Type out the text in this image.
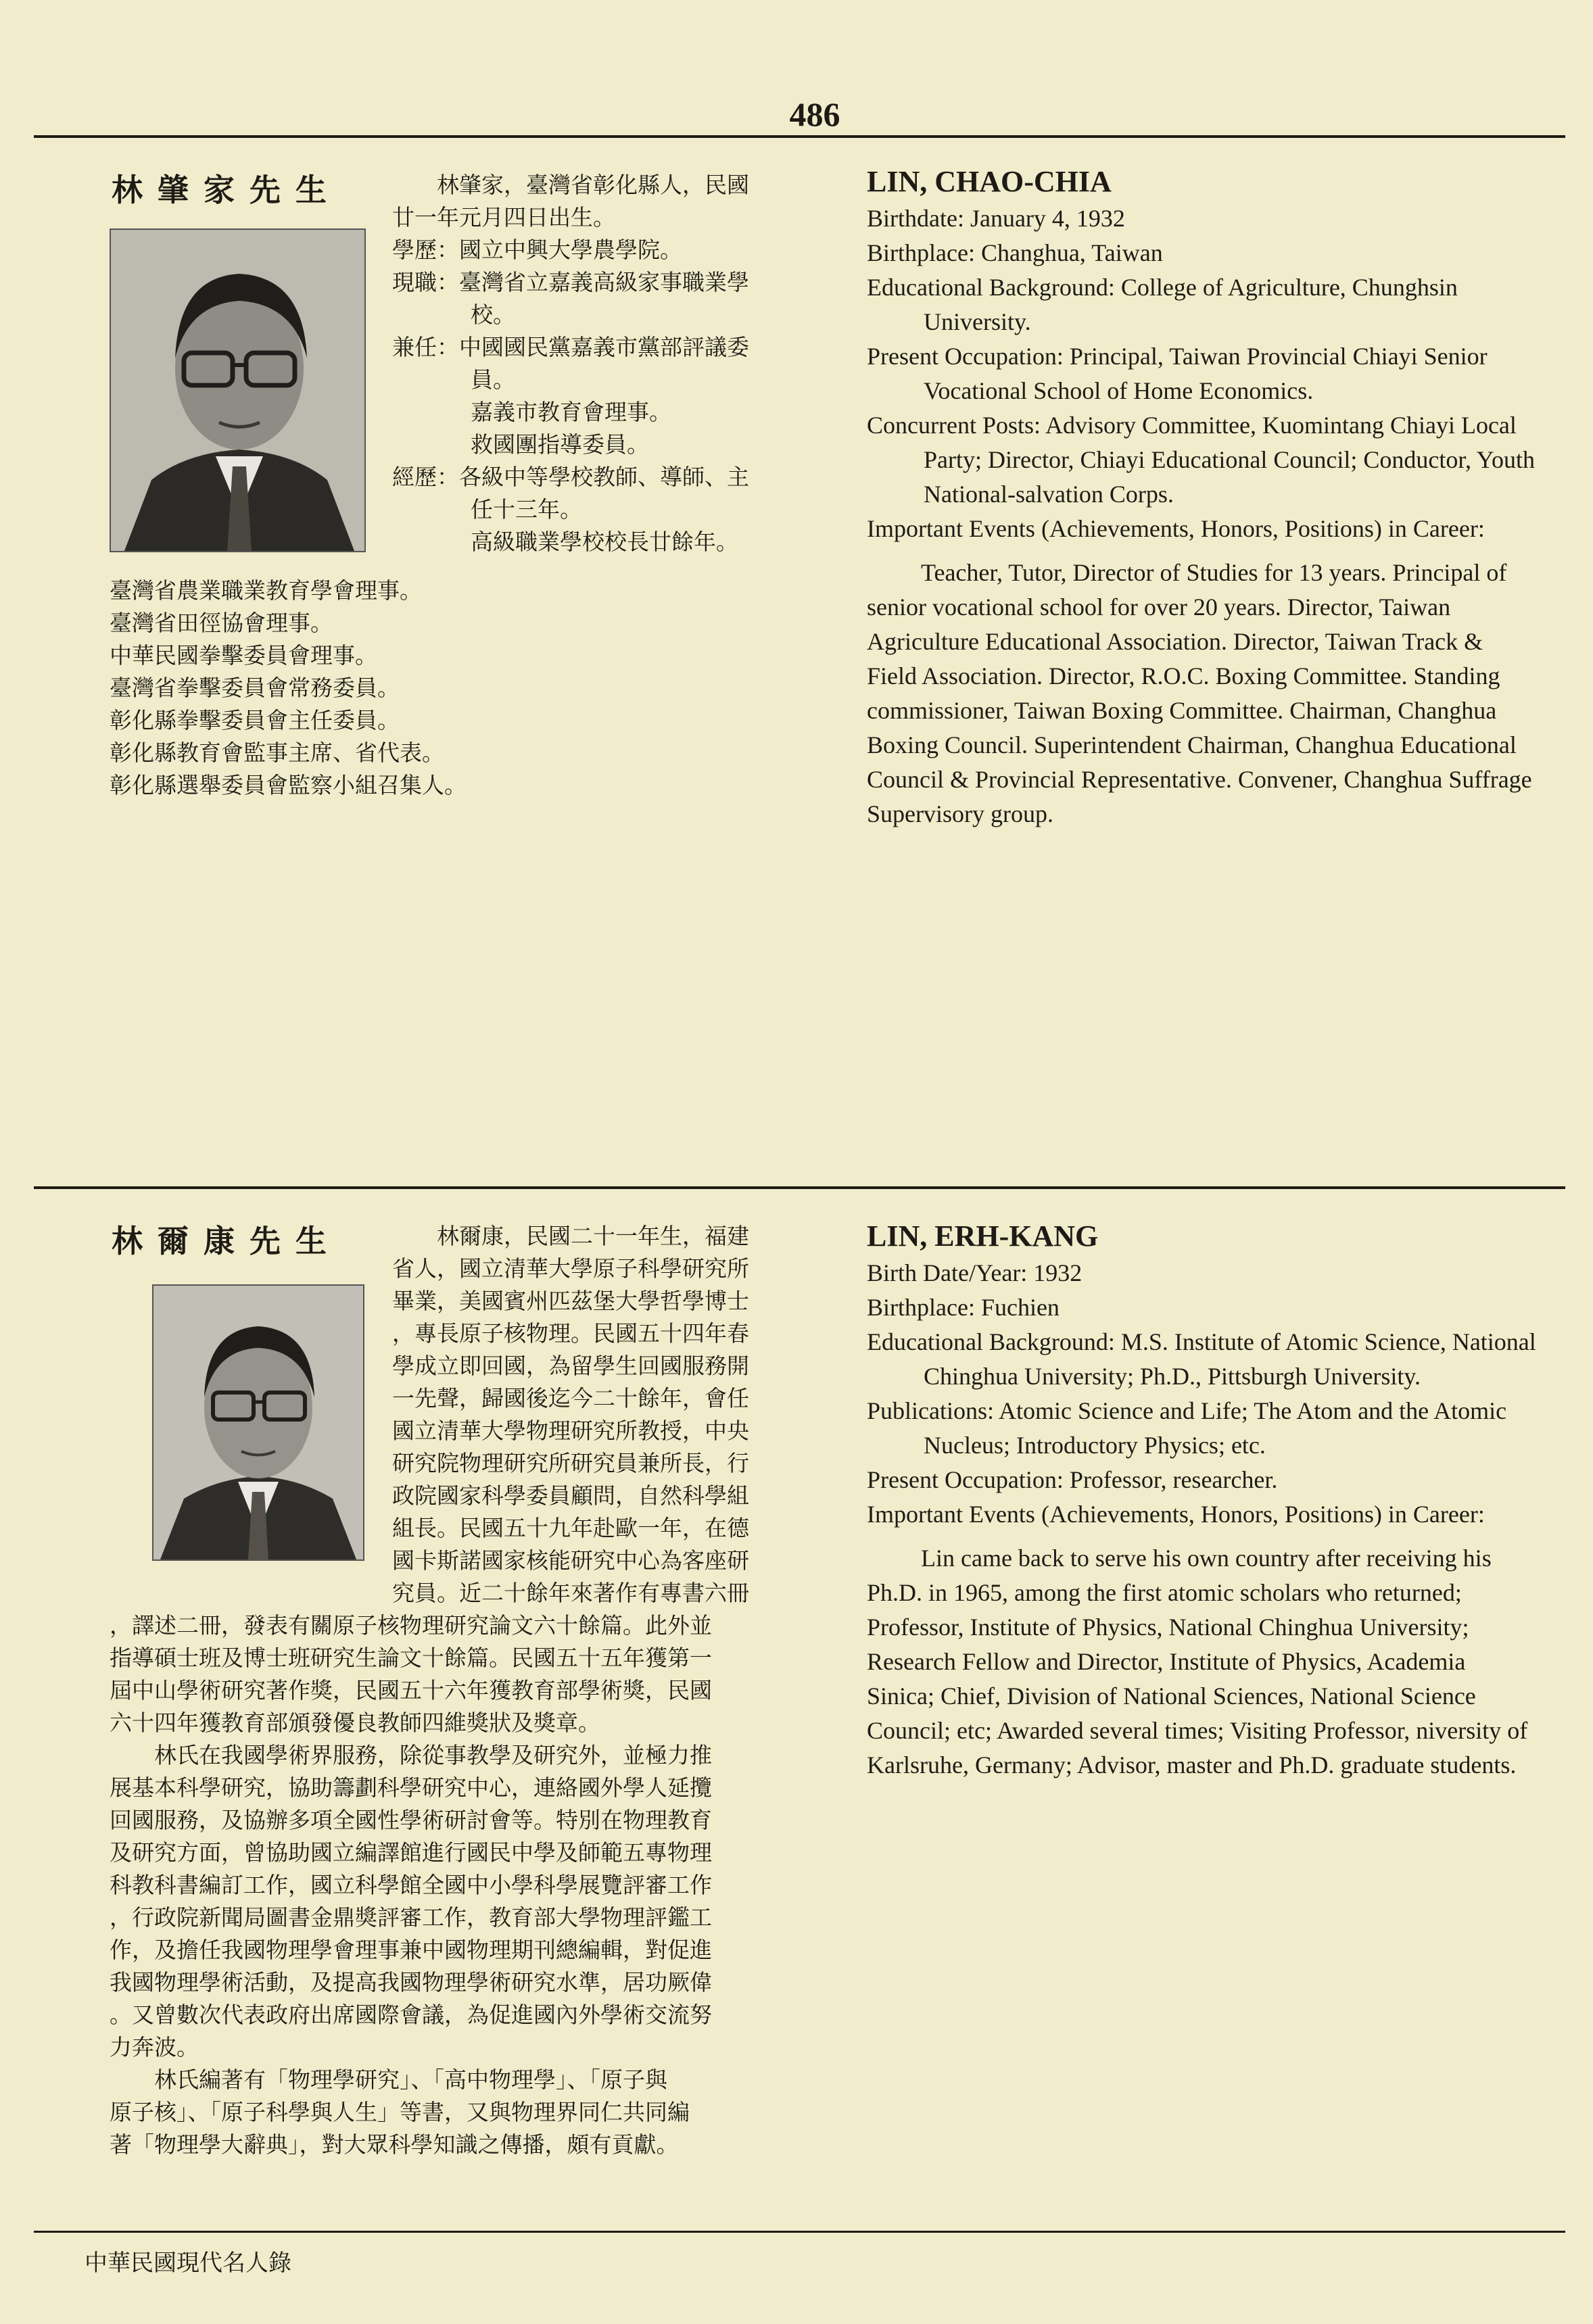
486
林肇家先生	林肇家，臺灣省彰化縣人，民國

廿一年元月四日出生。

學歷：國立中興大學農學院。

現職：臺灣省立嘉義高級家事職業學

校。

兼任：中國國民黨嘉義市黨部評議委

員。

嘉義市教育會理事。

救國團指導委員。

經歷：各級中等學校教師、導師、主

任十三年。

高級職業學校校長廿餘年。

臺灣省農業職業教育學會理事。

臺灣省田徑協會理事。

中華民國拳擊委員會理事。

臺灣省拳擊委員會常務委員。

彰化縣拳擊委員會主任委員。

彰化縣教育會監事主席、省代表。

彰化縣選舉委員會監察小組召集人。

LIN, CHAO-CHIA

Birthdate: January 4, 1932

Birthplace: Changhua, Taiwan

Educational Background: College of Agriculture, Chunghsin University.

Present Occupation: Principal, Taiwan Provincial Chiayi Senior Vocational School of Home Economics.

Concurrent Posts: Advisory Committee, Kuomintang Chiayi Local Party; Director, Chiayi Educational Council; Conductor, Youth National-salvation Corps.

Important Events (Achievements, Honors, Positions) in Career:

Teacher, Tutor, Director of Studies for 13 years. Principal of senior vocational school for over 20 years. Director, Taiwan Agriculture Educational Association. Director, Taiwan Track & Field Association. Director, R.O.C. Boxing Committee. Standing commissioner, Taiwan Boxing Committee. Chairman, Changhua Boxing Council. Superintendent Chairman, Changhua Educational Council & Provincial Representative. Convener, Changhua Suffrage Supervisory group.

林爾康先生	林爾康，民國二十一年生，福建

省人，國立清華大學原子科學研究所

畢業，美國賓州匹茲堡大學哲學博士

，專長原子核物理。民國五十四年春

學成立即回國，為留學生回國服務開

一先聲，歸國後迄今二十餘年，會任

國立清華大學物理研究所教授，中央

研究院物理研究所研究員兼所長，行

政院國家科學委員顧問，自然科學組

組長。民國五十九年赴歐一年，在德

國卡斯諾國家核能研究中心為客座研

究員。近二十餘年來著作有專書六冊

，譯述二冊，發表有關原子核物理研究論文六十餘篇。此外並

指導碩士班及博士班研究生論文十餘篇。民國五十五年獲第一

屆中山學術研究著作獎，民國五十六年獲教育部學術獎，民國

六十四年獲教育部頒發優良教師四維獎狀及獎章。

林氏在我國學術界服務，除從事教學及研究外，並極力推

展基本科學研究，協助籌劃科學研究中心，連絡國外學人延攬

回國服務，及協辦多項全國性學術研討會等。特別在物理教育

及研究方面，曾協助國立編譯館進行國民中學及師範五專物理

科教科書編訂工作，國立科學館全國中小學科學展覽評審工作

，行政院新聞局圖書金鼎獎評審工作，教育部大學物理評鑑工

作，及擔任我國物理學會理事兼中國物理期刊總編輯，對促進

我國物理學術活動，及提高我國物理學術研究水準，居功厥偉

。又曾數次代表政府出席國際會議，為促進國內外學術交流努

力奔波。

林氏編著有「物理學研究」、「高中物理學」、「原子與

原子核」、「原子科學與人生」等書，又與物理界同仁共同編

著「物理學大辭典」，對大眾科學知識之傳播，頗有貢獻。

LIN, ERH-KANG

Birth Date/Year: 1932

Birthplace: Fuchien

Educational Background: M.S. Institute of Atomic Science, National Chinghua University; Ph.D., Pittsburgh University.

Publications: Atomic Science and Life; The Atom and the Atomic Nucleus; Introductory Physics; etc.

Present Occupation: Professor, researcher.

Important Events (Achievements, Honors, Positions) in Career:

Lin came back to serve his own country after receiving his Ph.D. in 1965, among the first atomic scholars who returned; Professor, Institute of Physics, National Chinghua University; Research Fellow and Director, Institute of Physics, Academia Sinica; Chief, Division of National Sciences, National Science Council; etc; Awarded several times; Visiting Professor, niversity of Karlsruhe, Germany; Advisor, master and Ph.D. graduate students.

中華民國現代名人錄
